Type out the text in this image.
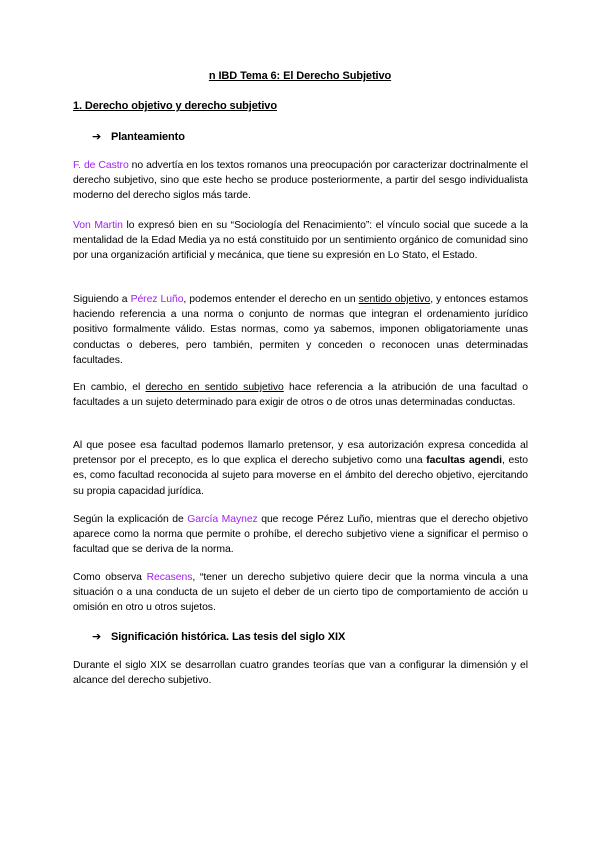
n IBD Tema 6: El Derecho Subjetivo
1. Derecho objetivo y derecho subjetivo
➔ Planteamiento
F. de Castro no advertía en los textos romanos una preocupación por caracterizar doctrinalmente el derecho subjetivo, sino que este hecho se produce posteriormente, a partir del sesgo individualista moderno del derecho siglos más tarde.
Von Martin lo expresó bien en su “Sociología del Renacimiento”: el vínculo social que sucede a la mentalidad de la Edad Media ya no está constituido por un sentimiento orgánico de comunidad sino por una organización artificial y mecánica, que tiene su expresión en Lo Stato, el Estado.
Siguiendo a Pérez Luño, podemos entender el derecho en un sentido objetivo, y entonces estamos haciendo referencia a una norma o conjunto de normas que integran el ordenamiento jurídico positivo formalmente válido. Estas normas, como ya sabemos, imponen obligatoriamente unas conductas o deberes, pero también, permiten y conceden o reconocen unas determinadas facultades.
En cambio, el derecho en sentido subjetivo hace referencia a la atribución de una facultad o facultades a un sujeto determinado para exigir de otros o de otros unas determinadas conductas.
Al que posee esa facultad podemos llamarlo pretensor, y esa autorización expresa concedida al pretensor por el precepto, es lo que explica el derecho subjetivo como una facultas agendi, esto es, como facultad reconocida al sujeto para moverse en el ámbito del derecho objetivo, ejercitando su propia capacidad jurídica.
Según la explicación de García Maynez que recoge Pérez Luño, mientras que el derecho objetivo aparece como la norma que permite o prohíbe, el derecho subjetivo viene a significar el permiso o facultad que se deriva de la norma.
Como observa Recasens, “tener un derecho subjetivo quiere decir que la norma vincula a una situación o a una conducta de un sujeto el deber de un cierto tipo de comportamiento de acción u omisión en otro u otros sujetos.
➔ Significación histórica. Las tesis del siglo XIX
Durante el siglo XIX se desarrollan cuatro grandes teorías que van a configurar la dimensión y el alcance del derecho subjetivo.
